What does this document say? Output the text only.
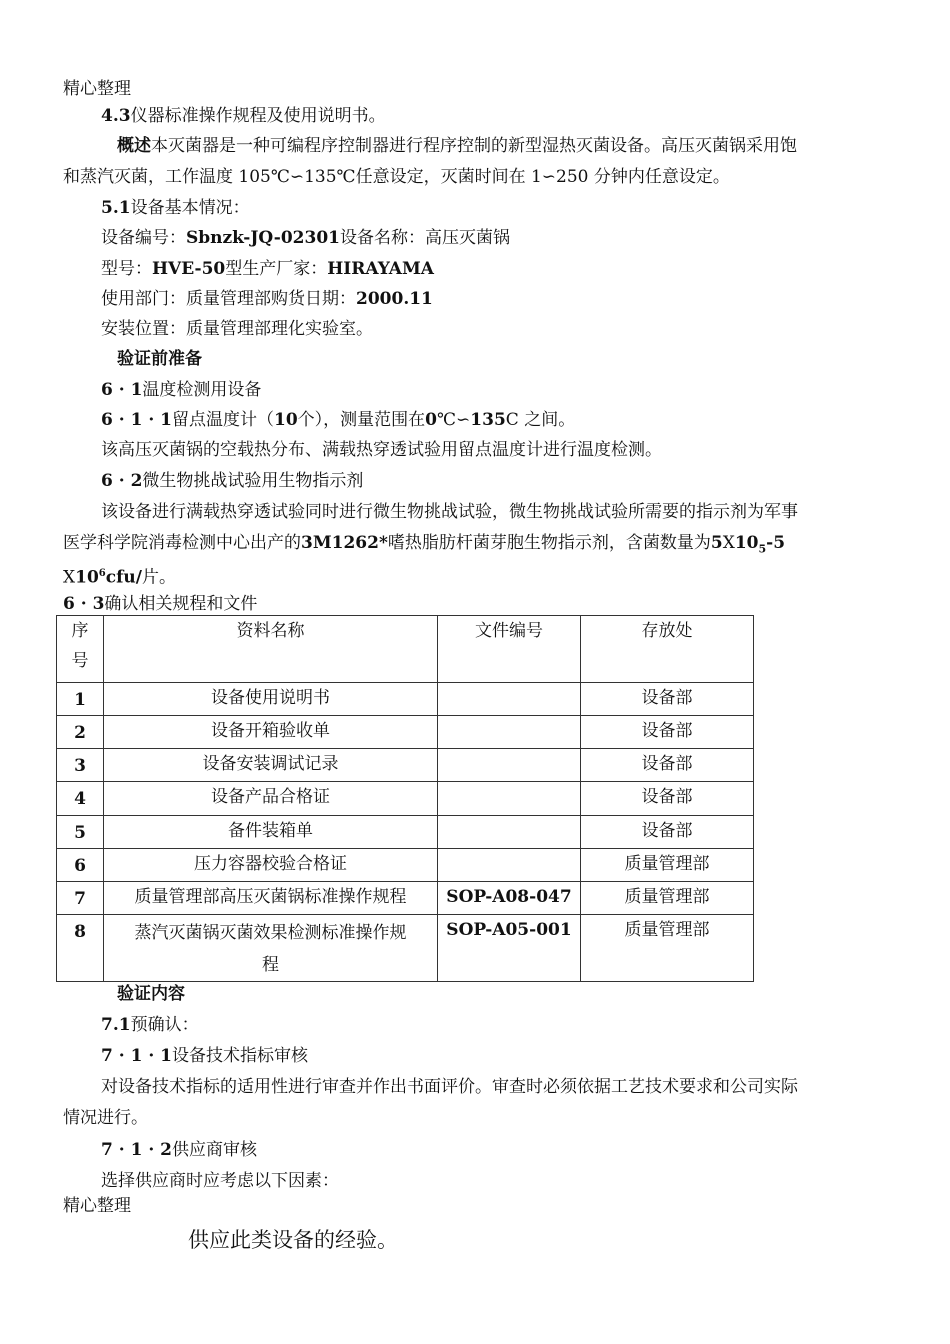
精心整理
4.3仪器标准操作规程及使用说明书。
概述本灭菌器是一种可编程序控制器进行程序控制的新型湿热灭菌设备。高压灭菌锅采用饱
和蒸汽灭菌，工作温度 105℃∽135℃任意设定，灭菌时间在 1∽250 分钟内任意设定。
5.1设备基本情况：
设备编号：Sbnzk-JQ-02301设备名称：高压灭菌锅
型号：HVE-50型生产厂家：HIRAYAMA
使用部门：质量管理部购货日期：2000.11
安装位置：质量管理部理化实验室。
验证前准备
6 · 1温度检测用设备
6 · 1 · 1留点温度计（10个），测量范围在0℃∽135C 之间。
该高压灭菌锅的空载热分布、满载热穿透试验用留点温度计进行温度检测。
6 · 2微生物挑战试验用生物指示剂
该设备进行满载热穿透试验同时进行微生物挑战试验，微生物挑战试验所需要的指示剂为军事
医学科学院消毒检测中心出产的3M1262*嗜热脂肪杆菌芽胞生物指示剂，含菌数量为$5X10_5-5$
$X10^6cfu/$片。
6 · 3确认相关规程和文件
序
号	资料名称	文件编号	存放处
1	设备使用说明书		设备部
2	设备开箱验收单		设备部
3	设备安装调试记录		设备部
4	设备产品合格证		设备部
5	备件装箱单		设备部
6	压力容器校验合格证		质量管理部
7	质量管理部高压灭菌锅标准操作规程	SOP-A08-047	质量管理部
8	蒸汽灭菌锅灭菌效果检测标准操作规
程	SOP-A05-001	质量管理部
验证内容
7.1预确认：
7 · 1 · 1设备技术指标审核
对设备技术指标的适用性进行审查并作出书面评价。审查时必须依据工艺技术要求和公司实际
情况进行。
7 · 1 · 2供应商审核
选择供应商时应考虑以下因素：
精心整理
供应此类设备的经验。
